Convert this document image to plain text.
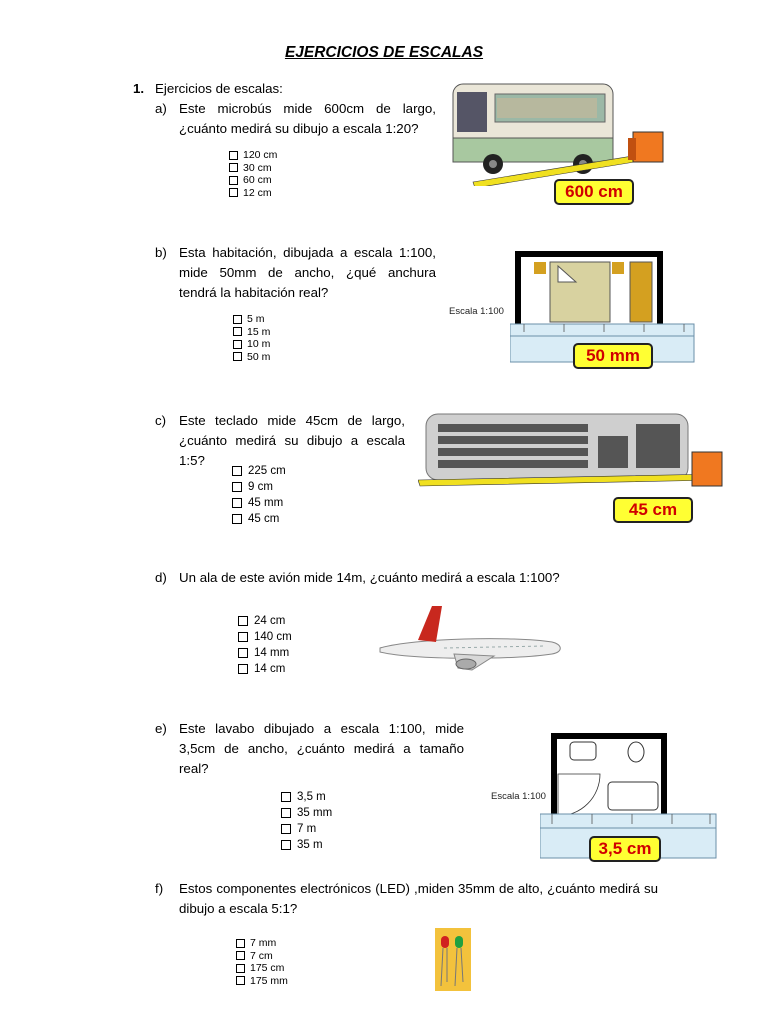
EJERCICIOS DE ESCALAS
1. Ejercicios de escalas:
a) Este microbús mide 600cm de largo, ¿cuánto medirá su dibujo a escala 1:20?
120 cm
30 cm
60 cm
12 cm	600 cm
b) Esta habitación, dibujada a escala 1:100, mide 50mm de ancho, ¿qué anchura tendrá la habitación real?
5 m
15 m
10 m
50 m
Escala 1:100
50 mm
c) Este teclado mide 45cm de largo, ¿cuánto medirá su dibujo a escala 1:5?
225 cm
9 cm
45 mm
45 cm	45 cm
d) Un ala de este avión mide 14m, ¿cuánto medirá a escala 1:100?
24 cm
140 cm
14 mm
14 cm
e) Este lavabo dibujado a escala 1:100, mide 3,5cm de ancho, ¿cuánto medirá a tamaño real?
3,5 m
35 mm
7 m
35 m
Escala 1:100
3,5 cm
f) Estos componentes electrónicos (LED) ,miden 35mm de alto, ¿cuánto medirá su dibujo a escala 5:1?
7 mm
7 cm
175 cm
175 mm
